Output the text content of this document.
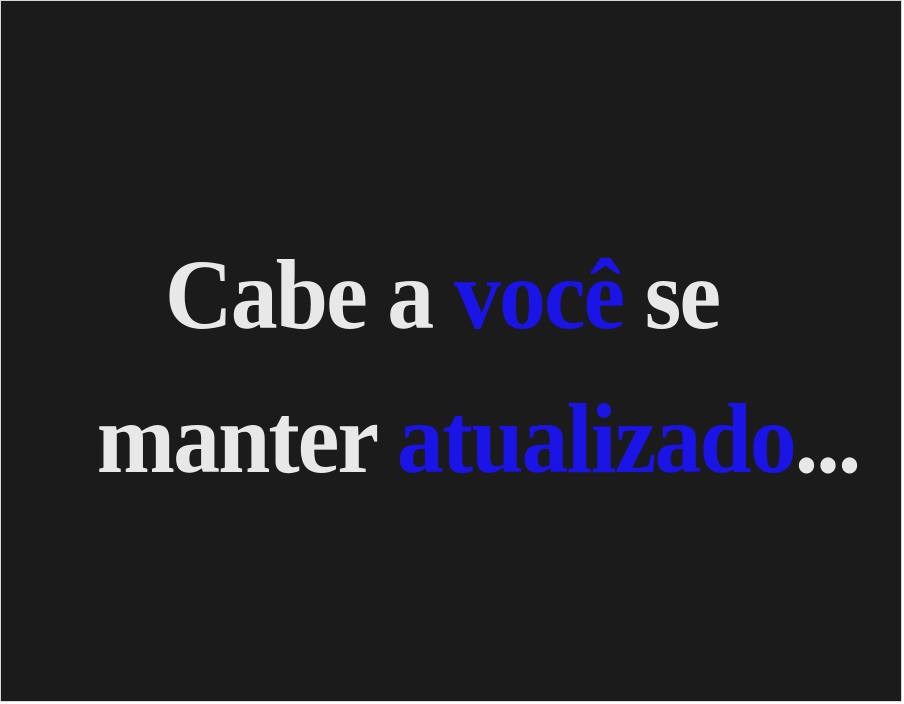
Cabe a você se
manter atualizado...
